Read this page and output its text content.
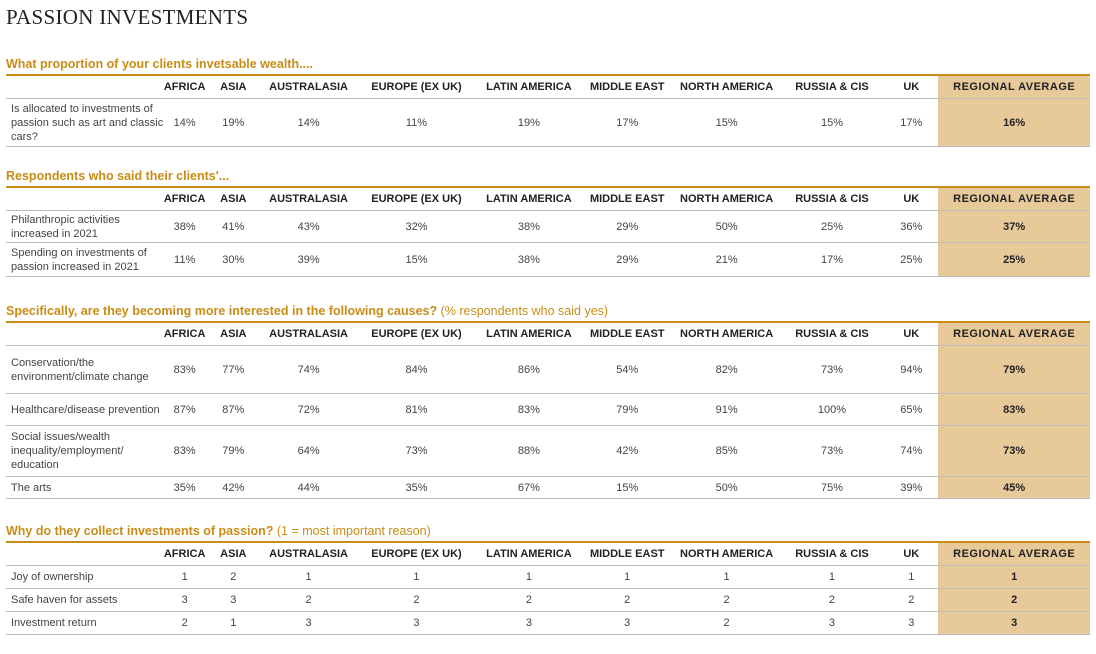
PASSION INVESTMENTS
What proportion of your clients invetsable wealth....
	AFRICA	ASIA	AUSTRALASIA	EUROPE (EX UK)	LATIN AMERICA	MIDDLE EAST	NORTH AMERICA	RUSSIA & CIS	UK	REGIONAL AVERAGE
Is allocated to investments of passion such as art and classic cars?	14%	19%	14%	11%	19%	17%	15%	15%	17%	16%
Respondents who said their clients'...
	AFRICA	ASIA	AUSTRALASIA	EUROPE (EX UK)	LATIN AMERICA	MIDDLE EAST	NORTH AMERICA	RUSSIA & CIS	UK	REGIONAL AVERAGE
Philanthropic activities increased in 2021	38%	41%	43%	32%	38%	29%	50%	25%	36%	37%
Spending on investments of passion increased in 2021	11%	30%	39%	15%	38%	29%	21%	17%	25%	25%
Specifically, are they becoming more interested in the following causes? (% respondents who said yes)
	AFRICA	ASIA	AUSTRALASIA	EUROPE (EX UK)	LATIN AMERICA	MIDDLE EAST	NORTH AMERICA	RUSSIA & CIS	UK	REGIONAL AVERAGE
Conservation/the environment/climate change	83%	77%	74%	84%	86%	54%	82%	73%	94%	79%
Healthcare/disease prevention	87%	87%	72%	81%	83%	79%	91%	100%	65%	83%
Social issues/wealth inequality/employment/ education	83%	79%	64%	73%	88%	42%	85%	73%	74%	73%
The arts	35%	42%	44%	35%	67%	15%	50%	75%	39%	45%
Why do they collect investments of passion? (1 = most important reason)
	AFRICA	ASIA	AUSTRALASIA	EUROPE (EX UK)	LATIN AMERICA	MIDDLE EAST	NORTH AMERICA	RUSSIA & CIS	UK	REGIONAL AVERAGE
Joy of ownership	1	2	1	1	1	1	1	1	1	1
Safe haven for assets	3	3	2	2	2	2	2	2	2	2
Investment return	2	1	3	3	3	3	2	3	3	3
